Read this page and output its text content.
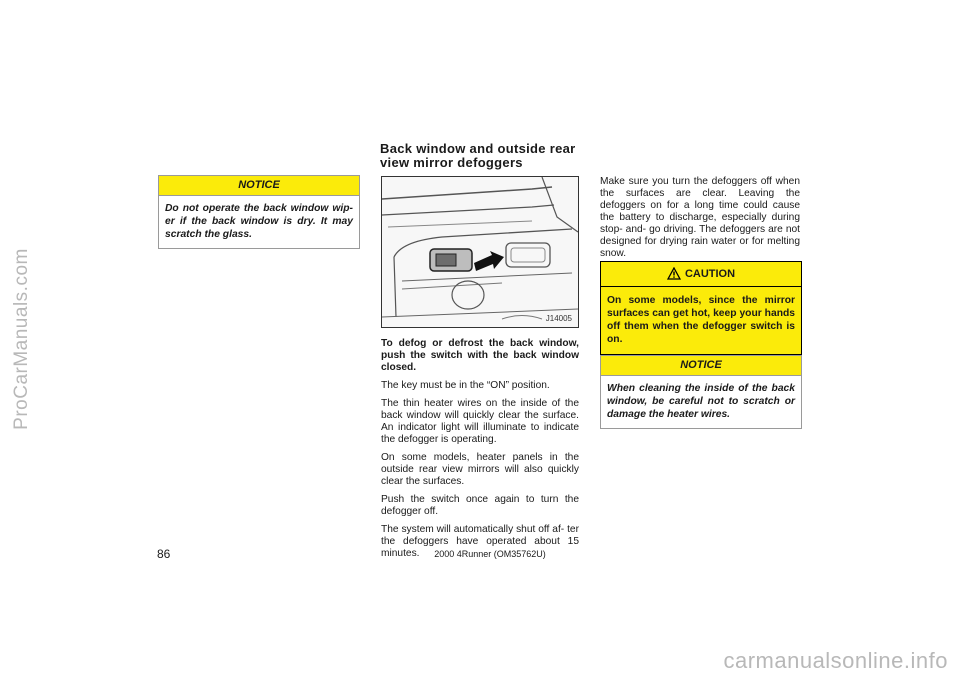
ProCarManuals.com
NOTICE
Do not operate the back window wip- er if the back window is dry. It may scratch the glass.
Back window and outside rear
view mirror defoggers
J14005

To defog or defrost the back window, push the switch with the back window closed.

The key must be in the “ON” position.

The thin heater wires on the inside of the back window will quickly clear the surface. An indicator light will illuminate to indicate the defogger is operating.

On some models, heater panels in the outside rear view mirrors will also quickly clear the surfaces.

Push the switch once again to turn the defogger off.

The system will automatically shut off af- ter the defoggers have operated about 15 minutes.

Make sure you turn the defoggers off when the surfaces are clear. Leaving the defoggers on for a long time could cause the battery to discharge, especially during stop- and- go driving. The defoggers are not designed for drying rain water or for melting snow.

CAUTION
On some models, since the mirror surfaces can get hot, keep your hands off them when the defogger switch is on.
NOTICE
When cleaning the inside of the back window, be careful not to scratch or damage the heater wires.
86	2000 4Runner (OM35762U)
carmanualsonline.info
